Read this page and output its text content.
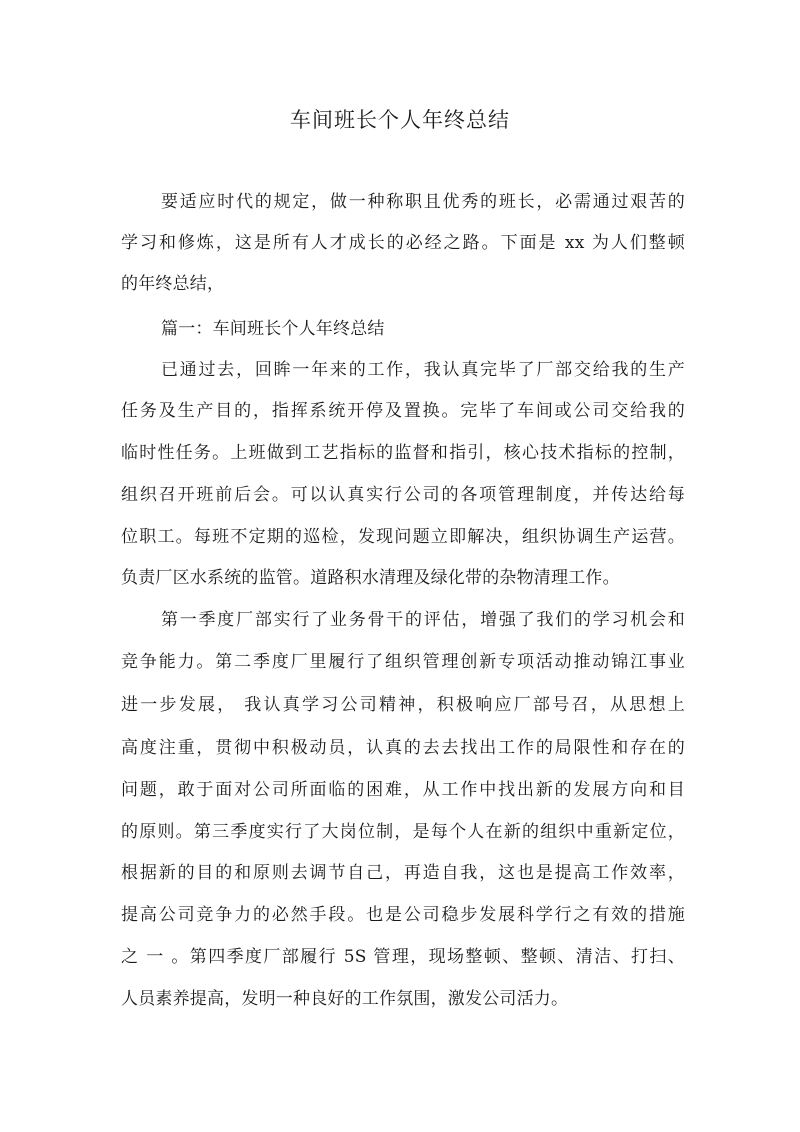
车间班长个人年终总结
要适应时代的规定，做一种称职且优秀的班长，必需通过艰苦的
学习和修炼，这是所有人才成长的必经之路。下面是 xx 为人们整顿
的年终总结，
篇一：车间班长个人年终总结
已通过去，回眸一年来的工作，我认真完毕了厂部交给我的生产
任务及生产目的，指挥系统开停及置换。完毕了车间或公司交给我的
临时性任务。上班做到工艺指标的监督和指引，核心技术指标的控制，
组织召开班前后会。可以认真实行公司的各项管理制度，并传达给每
位职工。每班不定期的巡检，发现问题立即解决，组织协调生产运营。
负责厂区水系统的监管。道路积水清理及绿化带的杂物清理工作。
第一季度厂部实行了业务骨干的评估，增强了我们的学习机会和
竞争能力。第二季度厂里履行了组织管理创新专项活动推动锦江事业
进一步发展， 我认真学习公司精神，积极响应厂部号召，从思想上
高度注重，贯彻中积极动员，认真的去去找出工作的局限性和存在的
问题，敢于面对公司所面临的困难，从工作中找出新的发展方向和目
的原则。第三季度实行了大岗位制，是每个人在新的组织中重新定位，
根据新的目的和原则去调节自己，再造自我，这也是提高工作效率，
提高公司竞争力的必然手段。也是公司稳步发展科学行之有效的措施
之 一 。第四季度厂部履行 5S 管理，现场整顿、整顿、清洁、打扫、
人员素养提高，发明一种良好的工作氛围，激发公司活力。
